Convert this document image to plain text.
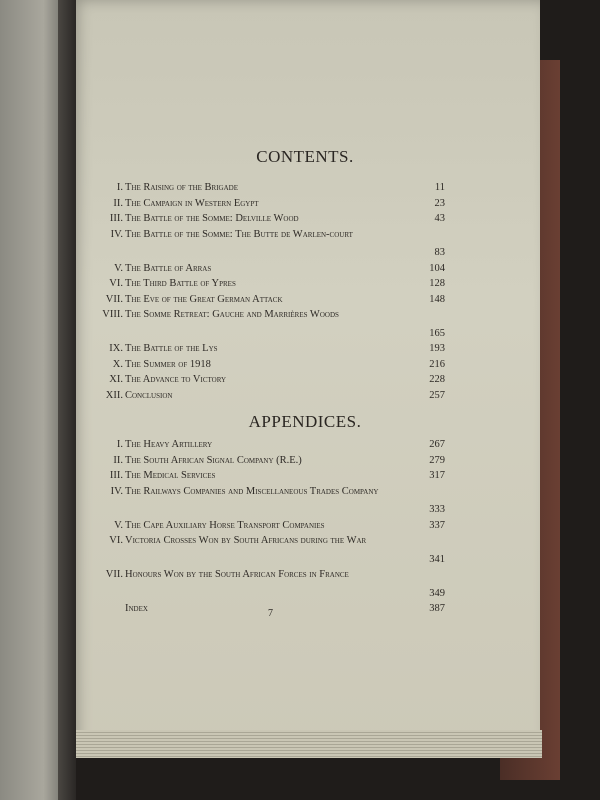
CONTENTS.
I. The Raising of the Brigade	11
II. The Campaign in Western Egypt	23
III. The Battle of the Somme: Delville Wood	43
IV. The Battle of the Somme: The Butte de Warlen-court
83
V. The Battle of Arras	104
VI. The Third Battle of Ypres	128
VII. The Eve of the Great German Attack	148
VIII. The Somme Retreat: Gauche and Marrières Woods
165
IX. The Battle of the Lys	193
X. The Summer of 1918	216
XI. The Advance to Victory	228
XII. Conclusion	257
APPENDICES.
I. The Heavy Artillery	267
II. The South African Signal Company (R.E.)	279
III. The Medical Services	317
IV. The Railways Companies and Miscellaneous Trades Company
333
V. The Cape Auxiliary Horse Transport Companies	337
VI. Victoria Crosses Won by South Africans during the War
341
VII. Honours Won by the South African Forces in France
349
Index	387
7
